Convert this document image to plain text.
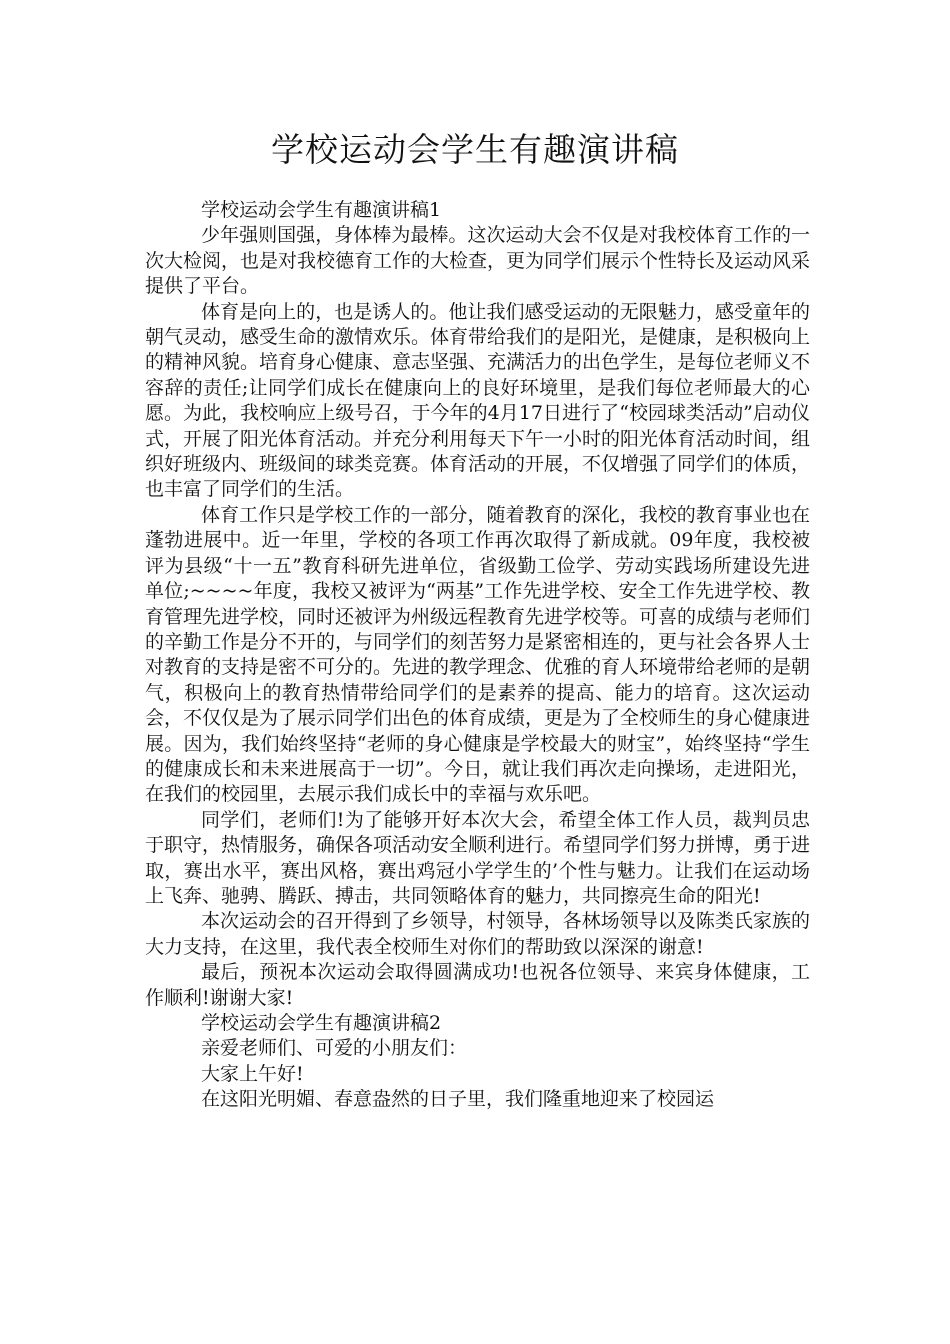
学校运动会学生有趣演讲稿

学校运动会学生有趣演讲稿1

少年强则国强，身体棒为最棒。这次运动大会不仅是对我校体育工作的一次大检阅，也是对我校德育工作的大检查，更为同学们展示个性特长及运动风采提供了平台。

体育是向上的，也是诱人的。他让我们感受运动的无限魅力，感受童年的朝气灵动，感受生命的激情欢乐。体育带给我们的是阳光，是健康，是积极向上的精神风貌。培育身心健康、意志坚强、充满活力的出色学生，是每位老师义不容辞的责任;让同学们成长在健康向上的良好环境里，是我们每位老师最大的心愿。为此，我校响应上级号召，于今年的4月17日进行了“校园球类活动”启动仪式，开展了阳光体育活动。并充分利用每天下午一小时的阳光体育活动时间，组织好班级内、班级间的球类竞赛。体育活动的开展，不仅增强了同学们的体质，也丰富了同学们的生活。

体育工作只是学校工作的一部分，随着教育的深化，我校的教育事业也在蓬勃进展中。近一年里，学校的各项工作再次取得了新成就。09年度，我校被评为县级“十一五”教育科研先进单位，省级勤工俭学、劳动实践场所建设先进单位;~~~~年度，我校又被评为“两基”工作先进学校、安全工作先进学校、教育管理先进学校，同时还被评为州级远程教育先进学校等。可喜的成绩与老师们的辛勤工作是分不开的，与同学们的刻苦努力是紧密相连的，更与社会各界人士对教育的支持是密不可分的。先进的教学理念、优雅的育人环境带给老师的是朝气，积极向上的教育热情带给同学们的是素养的提高、能力的培育。这次运动会，不仅仅是为了展示同学们出色的体育成绩，更是为了全校师生的身心健康进展。因为，我们始终坚持“老师的身心健康是学校最大的财宝”，始终坚持“学生的健康成长和未来进展高于一切”。今日，就让我们再次走向操场，走进阳光，在我们的校园里，去展示我们成长中的幸福与欢乐吧。

同学们，老师们!为了能够开好本次大会，希望全体工作人员，裁判员忠于职守，热情服务，确保各项活动安全顺利进行。希望同学们努力拼博，勇于进取，赛出水平，赛出风格，赛出鸡冠小学学生的’个性与魅力。让我们在运动场上飞奔、驰骋、腾跃、搏击，共同领略体育的魅力，共同擦亮生命的阳光!

本次运动会的召开得到了乡领导，村领导，各林场领导以及陈类氏家族的大力支持，在这里，我代表全校师生对你们的帮助致以深深的谢意!

最后，预祝本次运动会取得圆满成功!也祝各位领导、来宾身体健康，工作顺利!谢谢大家!

学校运动会学生有趣演讲稿2

亲爱老师们、可爱的小朋友们：

大家上午好!

在这阳光明媚、春意盎然的日子里，我们隆重地迎来了校园运
